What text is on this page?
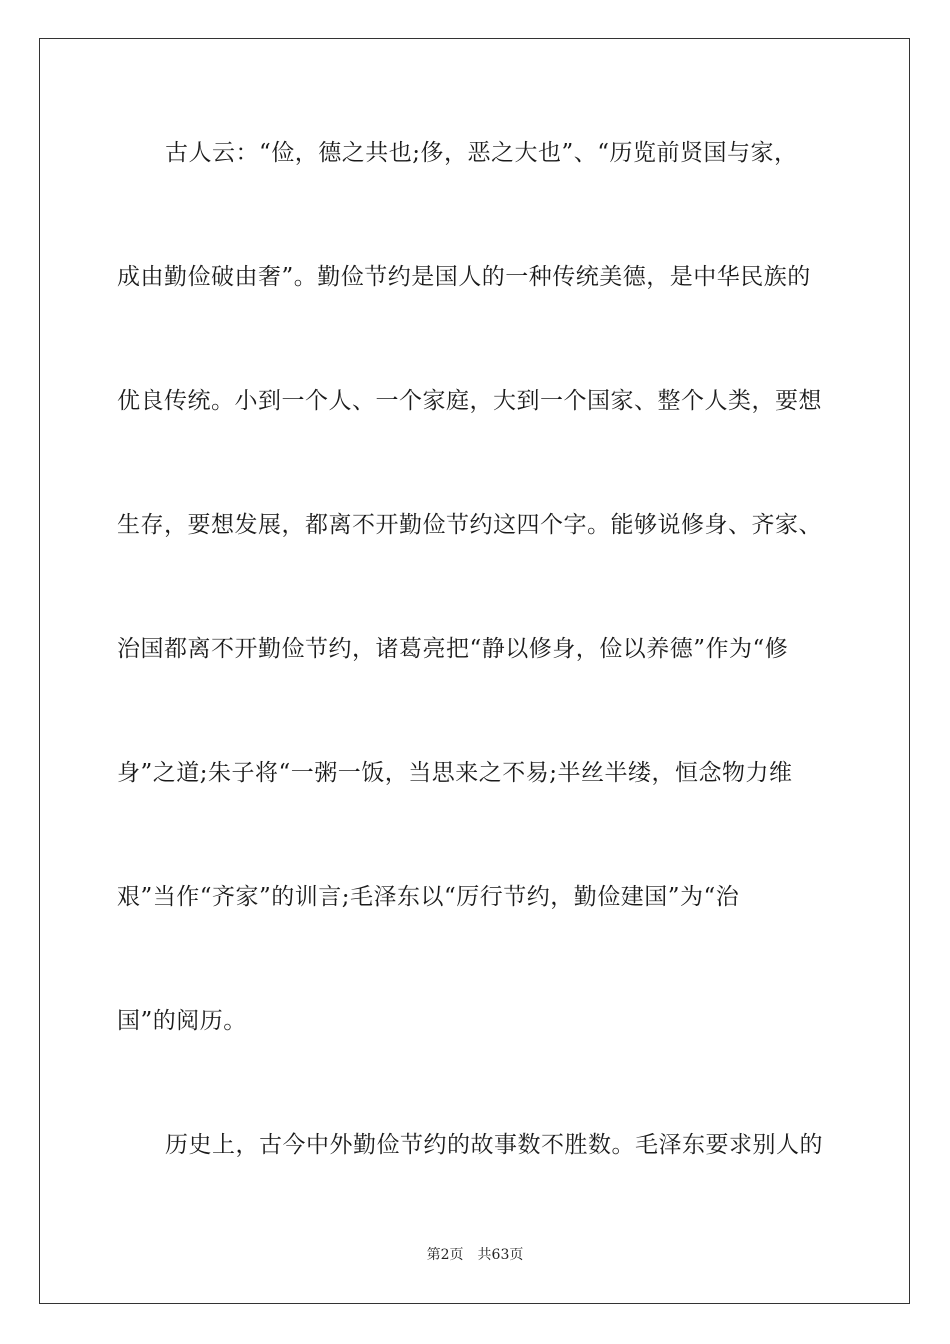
古人云：“俭，德之共也;侈，恶之大也”、“历览前贤国与家，
成由勤俭破由奢”。勤俭节约是国人的一种传统美德，是中华民族的
优良传统。小到一个人、一个家庭，大到一个国家、整个人类，要想
生存，要想发展，都离不开勤俭节约这四个字。能够说修身、齐家、
治国都离不开勤俭节约，诸葛亮把“静以修身，俭以养德”作为“修
身”之道;朱子将“一粥一饭，当思来之不易;半丝半缕，恒念物力维
艰”当作“齐家”的训言;毛泽东以“厉行节约，勤俭建国”为“治
国”的阅历。
历史上，古今中外勤俭节约的故事数不胜数。毛泽东要求别人的
第2页 共63页
